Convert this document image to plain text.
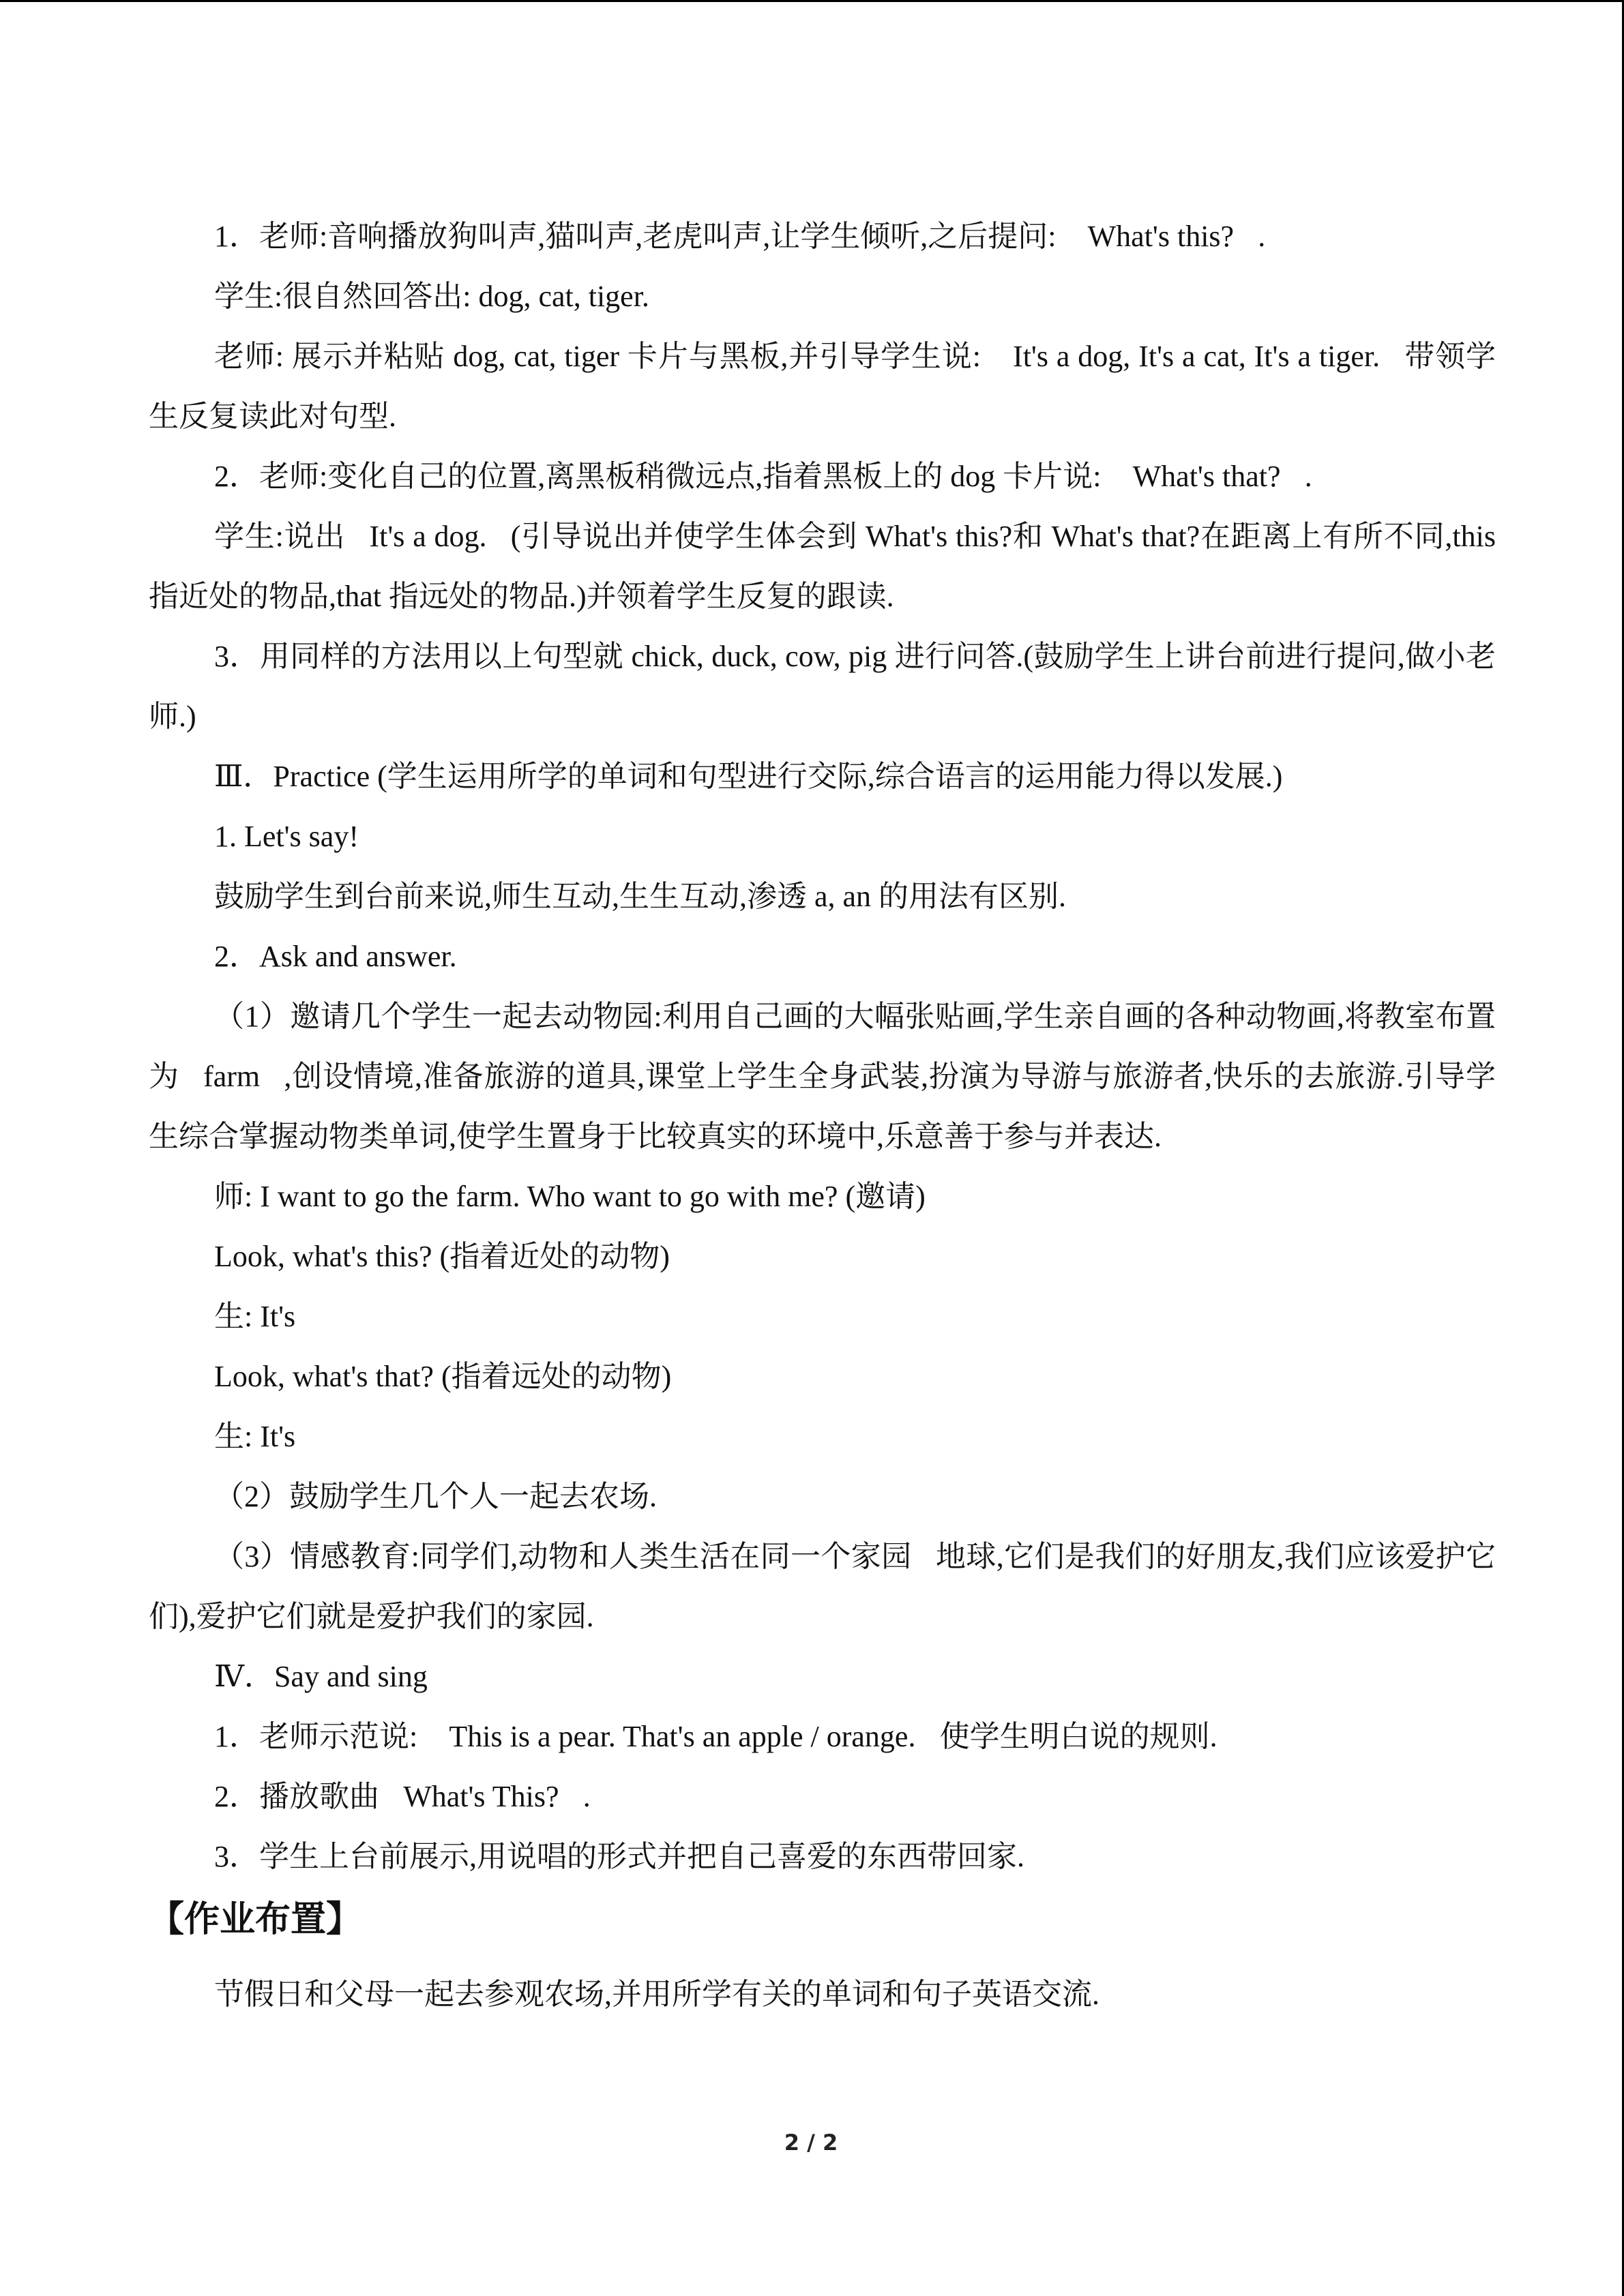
1．老师:音响播放狗叫声,猫叫声,老虎叫声,让学生倾听,之后提问: What's this?.

学生:很自然回答出: dog, cat, tiger.

老师: 展示并粘贴 dog, cat, tiger 卡片与黑板,并引导学生说: It's a dog, It's a cat, It's a tiger.带领学生反复读此对句型.

2．老师:变化自己的位置,离黑板稍微远点,指着黑板上的 dog 卡片说: What's that?.

学生:说出It's a dog.(引导说出并使学生体会到 What's this?和 What's that?在距离上有所不同,this 指近处的物品,that 指远处的物品.)并领着学生反复的跟读.

3．用同样的方法用以上句型就 chick, duck, cow, pig 进行问答.(鼓励学生上讲台前进行提问,做小老师.)

Ⅲ．Practice (学生运用所学的单词和句型进行交际,综合语言的运用能力得以发展.)

1. Let's say!

鼓励学生到台前来说,师生互动,生生互动,渗透 a, an 的用法有区别.

2．Ask and answer.

（1）邀请几个学生一起去动物园:利用自己画的大幅张贴画,学生亲自画的各种动物画,将教室布置为farm,创设情境,准备旅游的道具,课堂上学生全身武装,扮演为导游与旅游者,快乐的去旅游.引导学生综合掌握动物类单词,使学生置身于比较真实的环境中,乐意善于参与并表达.

师: I want to go the farm. Who want to go with me? (邀请)

Look, what's this? (指着近处的动物)

生: It's 

Look, what's that? (指着远处的动物)

生: It's 

（2）鼓励学生几个人一起去农场.

（3）情感教育:同学们,动物和人类生活在同一个家园地球,它们是我们的好朋友,我们应该爱护它们),爱护它们就是爱护我们的家园.

Ⅳ．Say and sing

1．老师示范说: This is a pear. That's an apple / orange.使学生明白说的规则.

2．播放歌曲What's This?.

3．学生上台前展示,用说唱的形式并把自己喜爱的东西带回家.

【作业布置】

节假日和父母一起去参观农场,并用所学有关的单词和句子英语交流.

2 / 2
